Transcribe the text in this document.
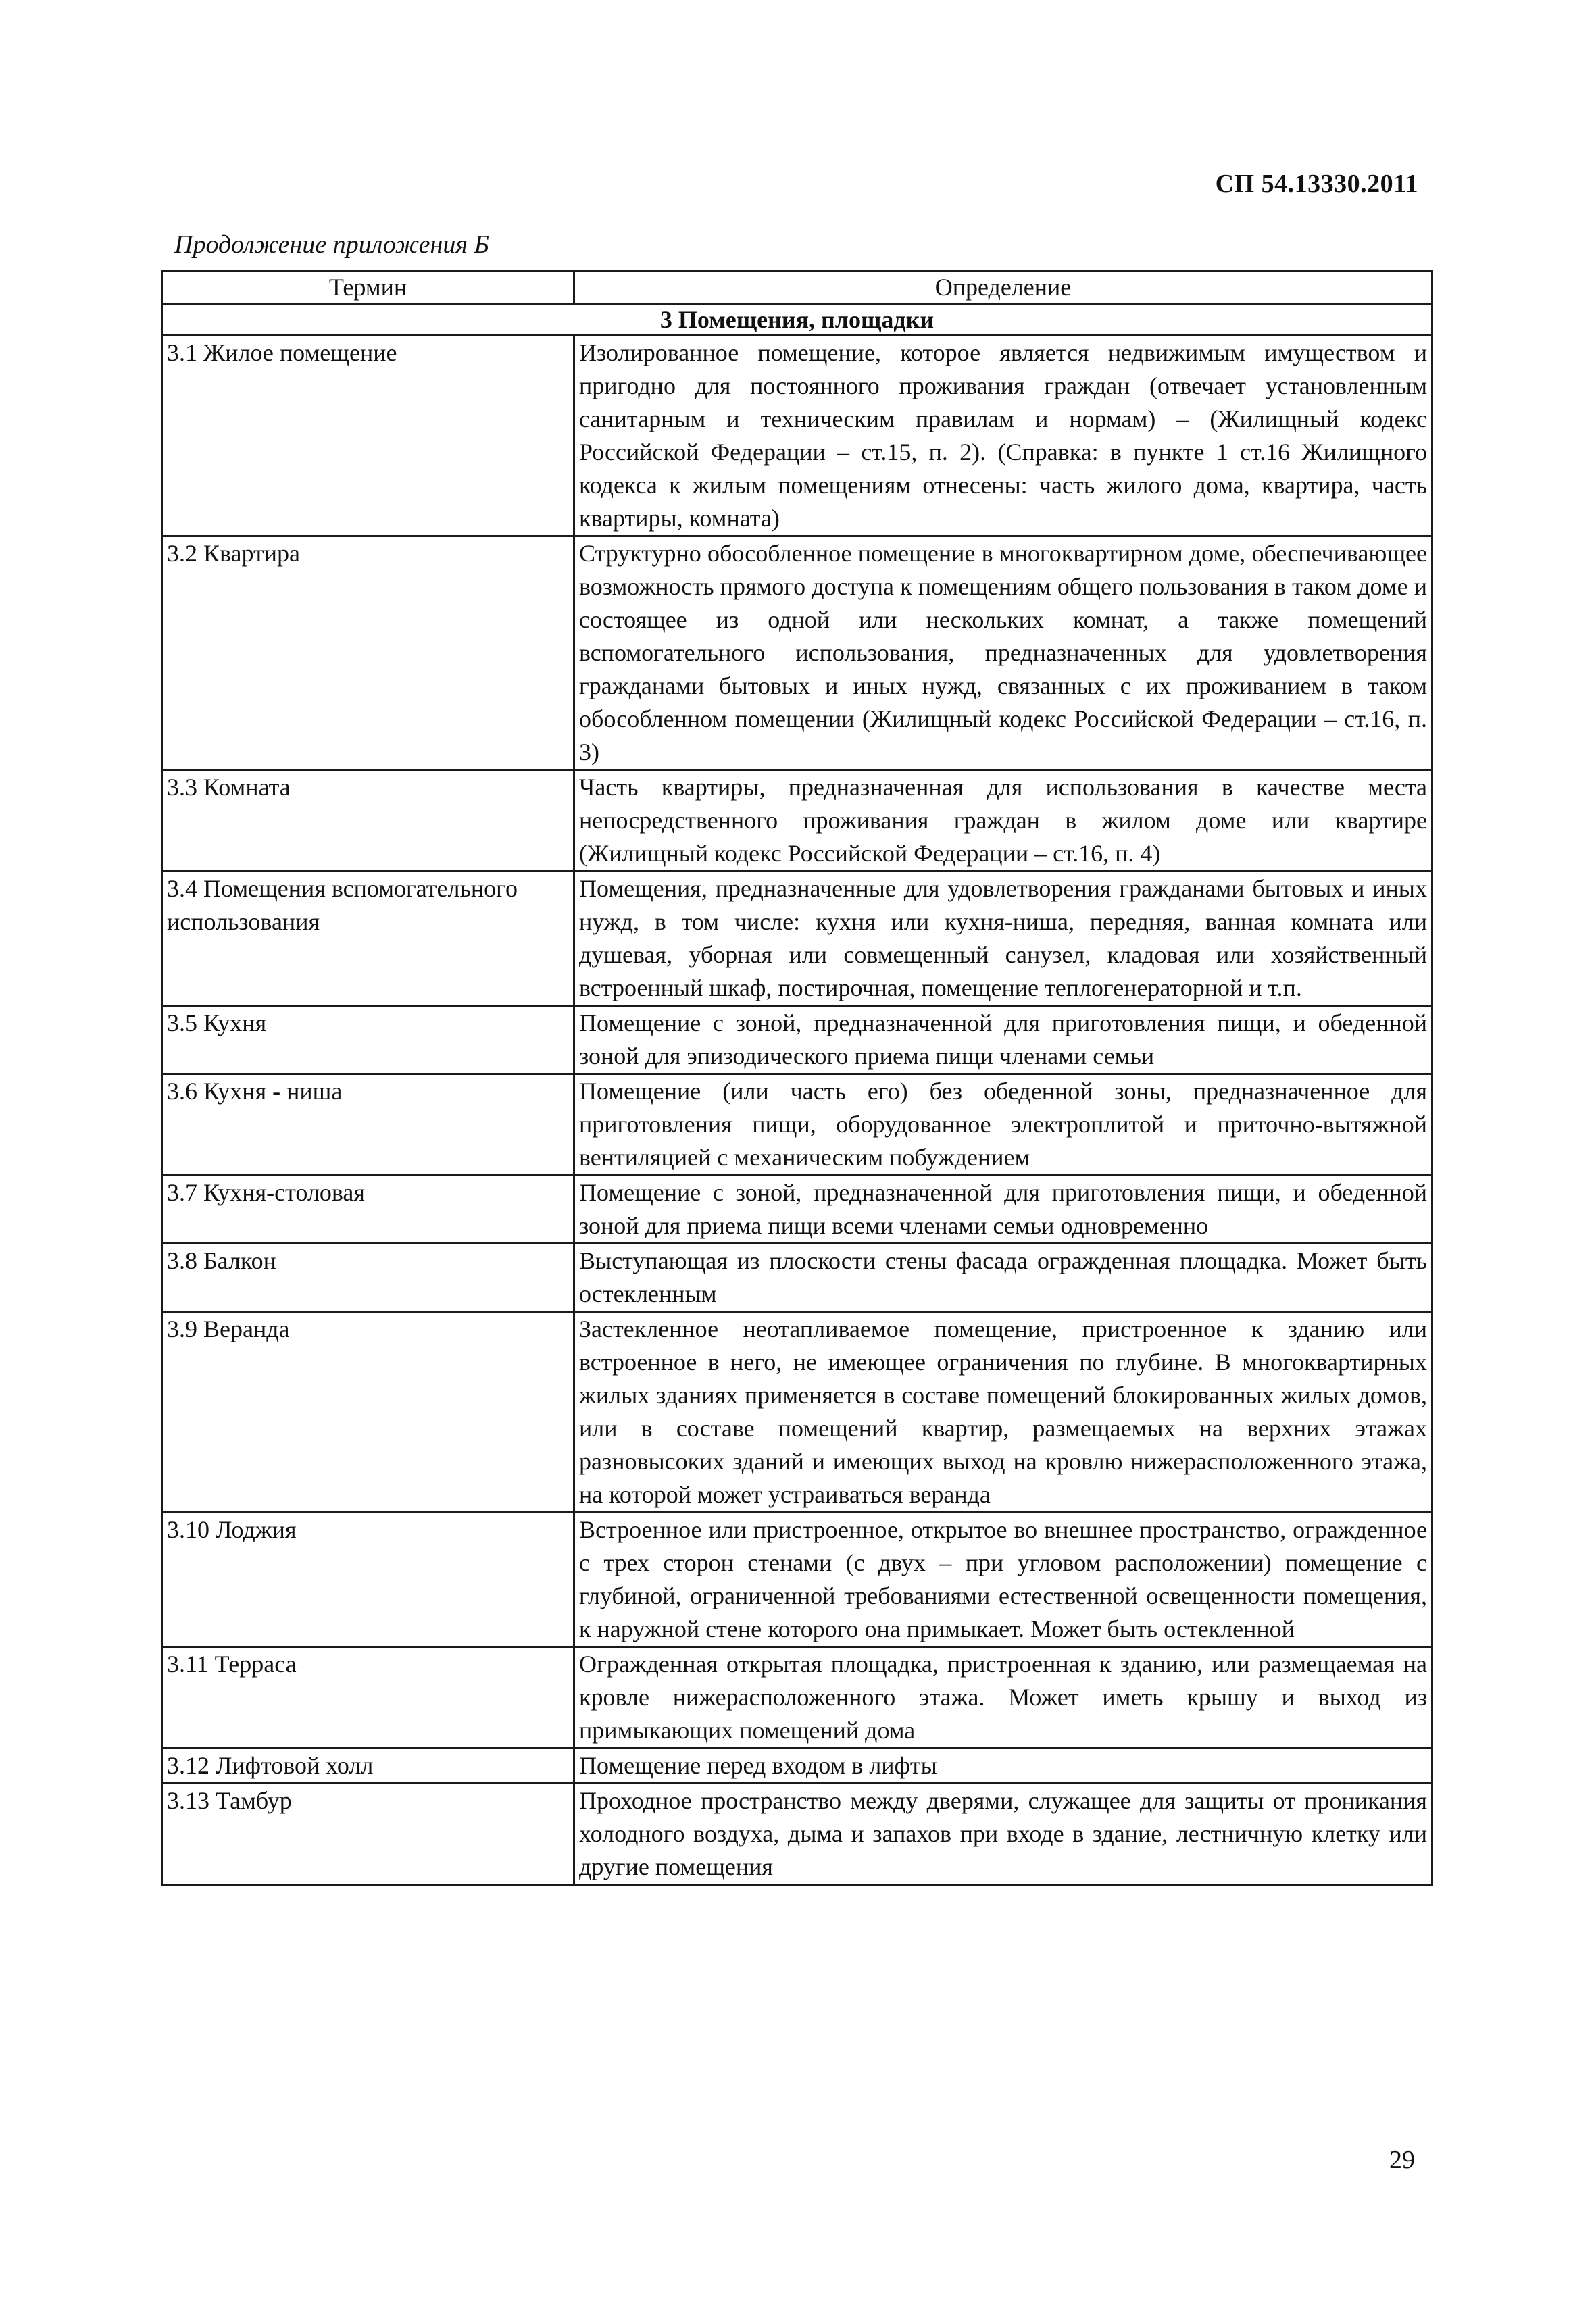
СП 54.13330.2011
Продолжение приложения Б
Термин	Определение
3 Помещения, площадки	
3.1 Жилое помещение	Изолированное помещение, которое является недвижимым имуществом и пригодно для постоянного проживания граждан (отвечает установленным санитарным и техническим правилам и нормам) – (Жилищный кодекс Российской Федерации – ст.15, п. 2). (Справка: в пункте 1 ст.16 Жилищного кодекса к жилым помещениям отнесены: часть жилого дома, квартира, часть квартиры, комната)
3.2 Квартира	Структурно обособленное помещение в многоквартирном доме, обеспечивающее возможность прямого доступа к помещениям общего пользования в таком доме и состоящее из одной или нескольких комнат, а также помещений вспомогательного использования, предназначенных для удовлетворения гражданами бытовых и иных нужд, связанных с их проживанием в таком обособленном помещении (Жилищный кодекс Российской Федерации – ст.16, п. 3)
3.3 Комната	Часть квартиры, предназначенная для использования в качестве места непосредственного проживания граждан в жилом доме или квартире (Жилищный кодекс Российской Федерации – ст.16, п. 4)
3.4 Помещения вспомогательного использования	Помещения, предназначенные для удовлетворения гражданами бытовых и иных нужд, в том числе: кухня или кухня-ниша, передняя, ванная комната или душевая, уборная или совмещенный санузел, кладовая или хозяйственный встроенный шкаф, постирочная, помещение теплогенераторной и т.п.
3.5 Кухня	Помещение с зоной, предназначенной для приготовления пищи, и обеденной зоной для эпизодического приема пищи членами семьи
3.6 Кухня - ниша	Помещение (или часть его) без обеденной зоны, предназначенное для приготовления пищи, оборудованное электроплитой и приточно-вытяжной вентиляцией с механическим побуждением
3.7 Кухня-столовая	Помещение с зоной, предназначенной для приготовления пищи, и обеденной зоной для приема пищи всеми членами семьи одновременно
3.8 Балкон	Выступающая из плоскости стены фасада огражденная площадка. Может быть остекленным
3.9 Веранда	Застекленное неотапливаемое помещение, пристроенное к зданию или встроенное в него, не имеющее ограничения по глубине. В многоквартирных жилых зданиях применяется в составе помещений блокированных жилых домов, или в составе помещений квартир, размещаемых на верхних этажах разновысоких зданий и имеющих выход на кровлю нижерасположенного этажа, на которой может устраиваться веранда
3.10 Лоджия	Встроенное или пристроенное, открытое во внешнее пространство, огражденное с трех сторон стенами (с двух – при угловом расположении) помещение с глубиной, ограниченной требованиями естественной освещенности помещения, к наружной стене которого она примыкает. Может быть остекленной
3.11 Терраса	Огражденная открытая площадка, пристроенная к зданию, или размещаемая на кровле нижерасположенного этажа. Может иметь крышу и выход из примыкающих помещений дома
3.12 Лифтовой холл	Помещение перед входом в лифты
3.13 Тамбур	Проходное пространство между дверями, служащее для защиты от проникания холодного воздуха, дыма и запахов при входе в здание, лестничную клетку или другие помещения
29
